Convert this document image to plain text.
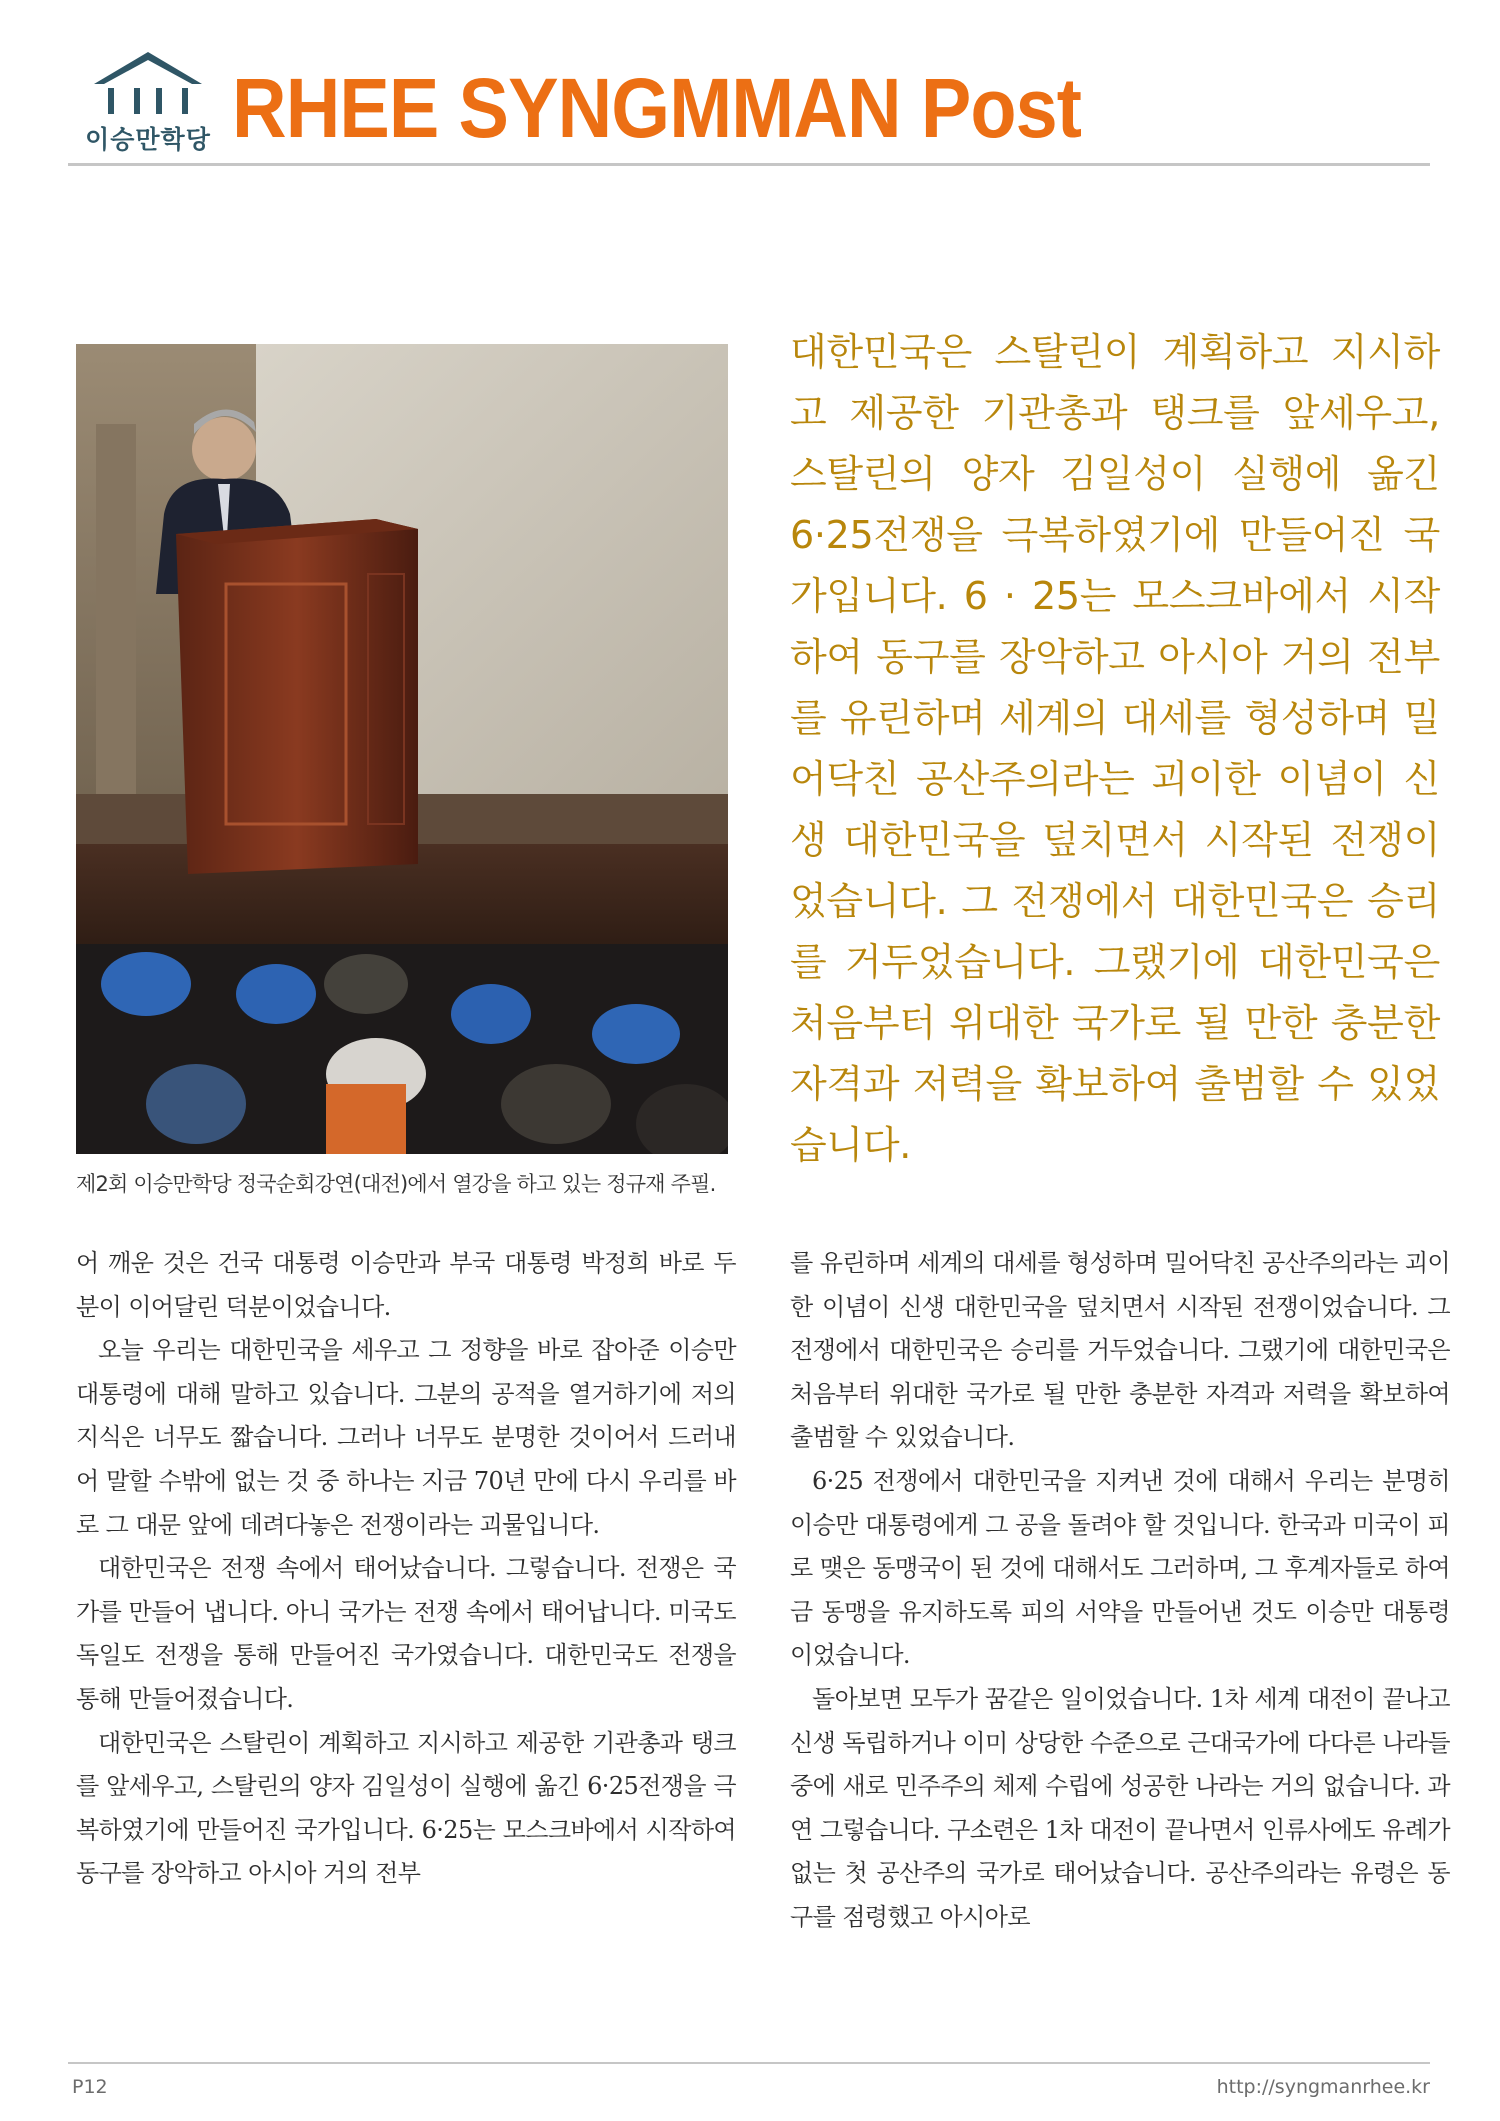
이승만학당 RHEE SYNGMMAN Post
제2회 이승만학당 정국순회강연(대전)에서 열강을 하고 있는 정규재 주필.
대한민국은 스탈린이 계획하고 지시하고 제공한 기관총과 탱크를 앞세우고, 스탈린의 양자 김일성이 실행에 옮긴 6·25전쟁을 극복하였기에 만들어진 국가입니다. 6 · 25는 모스크바에서 시작하여 동구를 장악하고 아시아 거의 전부를 유린하며 세계의 대세를 형성하며 밀어닥친 공산주의라는 괴이한 이념이 신생 대한민국을 덮치면서 시작된 전쟁이었습니다. 그 전쟁에서 대한민국은 승리를 거두었습니다. 그랬기에 대한민국은 처음부터 위대한 국가로 될 만한 충분한 자격과 저력을 확보하여 출범할 수 있었습니다.

어 깨운 것은 건국 대통령 이승만과 부국 대통령 박정희 바로 두 분이 이어달린 덕분이었습니다.

오늘 우리는 대한민국을 세우고 그 정향을 바로 잡아준 이승만 대통령에 대해 말하고 있습니다. 그분의 공적을 열거하기에 저의 지식은 너무도 짧습니다. 그러나 너무도 분명한 것이어서 드러내어 말할 수밖에 없는 것 중 하나는 지금 70년 만에 다시 우리를 바로 그 대문 앞에 데려다놓은 전쟁이라는 괴물입니다.

대한민국은 전쟁 속에서 태어났습니다. 그렇습니다. 전쟁은 국가를 만들어 냅니다. 아니 국가는 전쟁 속에서 태어납니다. 미국도 독일도 전쟁을 통해 만들어진 국가였습니다. 대한민국도 전쟁을 통해 만들어졌습니다.

대한민국은 스탈린이 계획하고 지시하고 제공한 기관총과 탱크를 앞세우고, 스탈린의 양자 김일성이 실행에 옮긴 6·25전쟁을 극복하였기에 만들어진 국가입니다. 6·25는 모스크바에서 시작하여 동구를 장악하고 아시아 거의 전부

를 유린하며 세계의 대세를 형성하며 밀어닥친 공산주의라는 괴이한 이념이 신생 대한민국을 덮치면서 시작된 전쟁이었습니다. 그 전쟁에서 대한민국은 승리를 거두었습니다. 그랬기에 대한민국은 처음부터 위대한 국가로 될 만한 충분한 자격과 저력을 확보하여 출범할 수 있었습니다.

6·25 전쟁에서 대한민국을 지켜낸 것에 대해서 우리는 분명히 이승만 대통령에게 그 공을 돌려야 할 것입니다. 한국과 미국이 피로 맺은 동맹국이 된 것에 대해서도 그러하며, 그 후계자들로 하여금 동맹을 유지하도록 피의 서약을 만들어낸 것도 이승만 대통령이었습니다.

돌아보면 모두가 꿈같은 일이었습니다. 1차 세계 대전이 끝나고 신생 독립하거나 이미 상당한 수준으로 근대국가에 다다른 나라들 중에 새로 민주주의 체제 수립에 성공한 나라는 거의 없습니다. 과연 그렇습니다. 구소련은 1차 대전이 끝나면서 인류사에도 유례가 없는 첫 공산주의 국가로 태어났습니다. 공산주의라는 유령은 동구를 점령했고 아시아로

P12	http://syngmanrhee.kr
